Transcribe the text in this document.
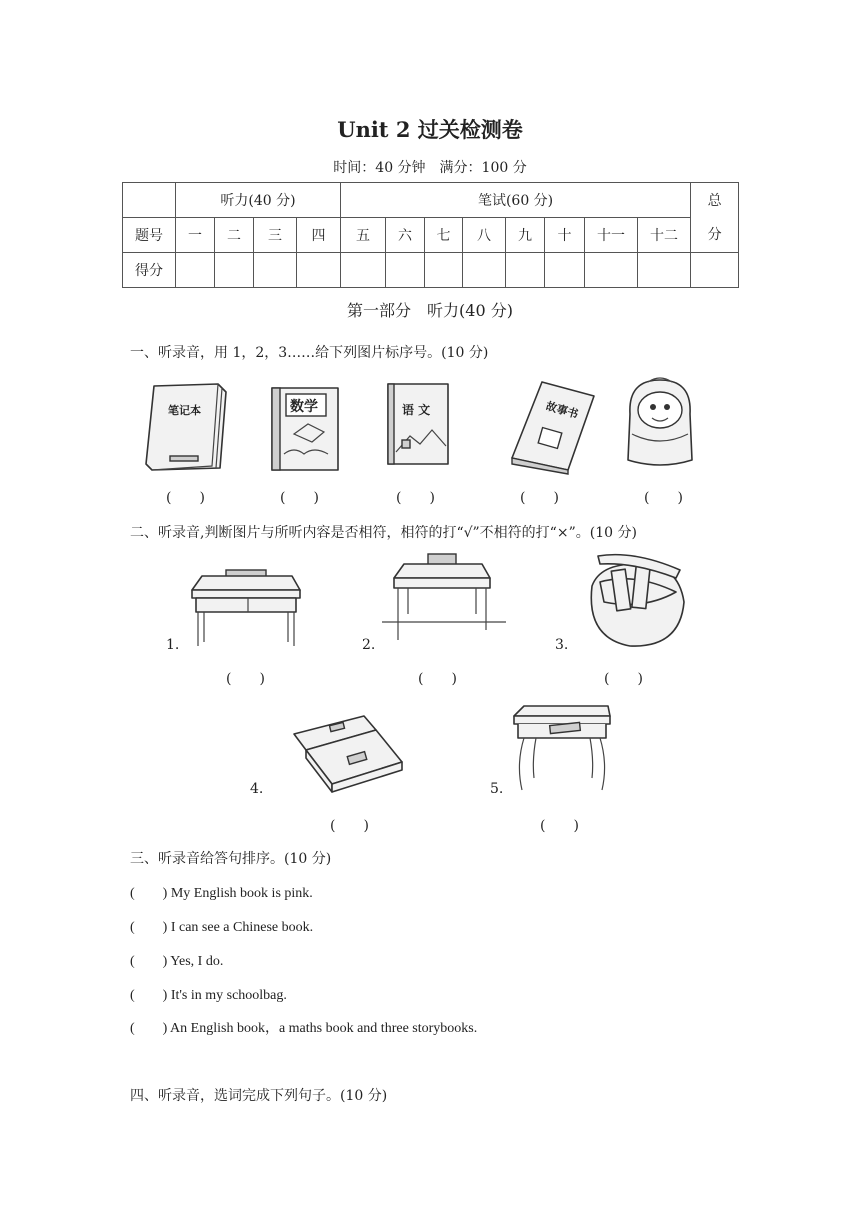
Unit 2 过关检测卷
时间：40 分钟　满分：100 分
	听力(40 分)				笔试(60 分)								总
分
题号	一	二	三	四	五	六	七	八	九	十	十一	十二	
得分													
第一部分　听力(40 分)
一、听录音，用 1，2，3……给下列图片标序号。(10 分)
笔记本	数学	语 文	故事书
(　　)	(　　)	(　　)	(　　)	(　　)
二、听录音,判断图片与所听内容是否相符，相符的打“√”不相符的打“×”。(10 分)
1.	2.	3.
(　　)	(　　)	(　　)
4.	5.
(　　)	(　　)
三、听录音给答句排序。(10 分)
(　　) My English book is pink.
(　　) I can see a Chinese book.
(　　) Yes, I do.
(　　) It's in my schoolbag.
(　　) An English book，a maths book and three storybooks.
四、听录音，选词完成下列句子。(10 分)
